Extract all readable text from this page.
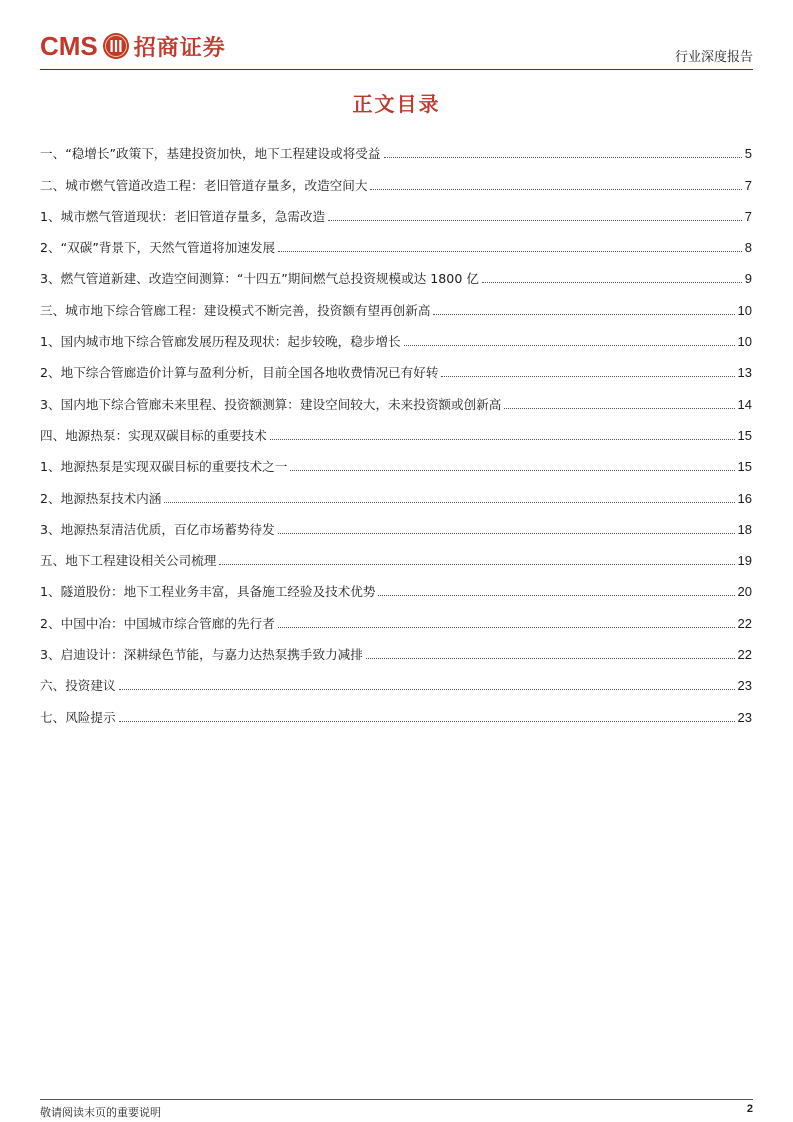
CMS 招商证券	行业深度报告
正文目录
一、“稳增长”政策下，基建投资加快，地下工程建设或将受益	5
二、城市燃气管道改造工程：老旧管道存量多，改造空间大	7
1、城市燃气管道现状：老旧管道存量多，急需改造	7
2、“双碳”背景下，天然气管道将加速发展	8
3、燃气管道新建、改造空间测算：“十四五”期间燃气总投资规模或达 1800 亿	9
三、城市地下综合管廊工程：建设模式不断完善，投资额有望再创新高	10
1、国内城市地下综合管廊发展历程及现状：起步较晚，稳步增长	10
2、地下综合管廊造价计算与盈利分析，目前全国各地收费情况已有好转	13
3、国内地下综合管廊未来里程、投资额测算：建设空间较大，未来投资额或创新高	14
四、地源热泵：实现双碳目标的重要技术	15
1、地源热泵是实现双碳目标的重要技术之一	15
2、地源热泵技术内涵	16
3、地源热泵清洁优质，百亿市场蓄势待发	18
五、地下工程建设相关公司梳理	19
1、隧道股份：地下工程业务丰富，具备施工经验及技术优势	20
2、中国中冶：中国城市综合管廊的先行者	22
3、启迪设计：深耕绿色节能，与嘉力达热泵携手致力减排	22
六、投资建议	23
七、风险提示	23
敬请阅读末页的重要说明	2
